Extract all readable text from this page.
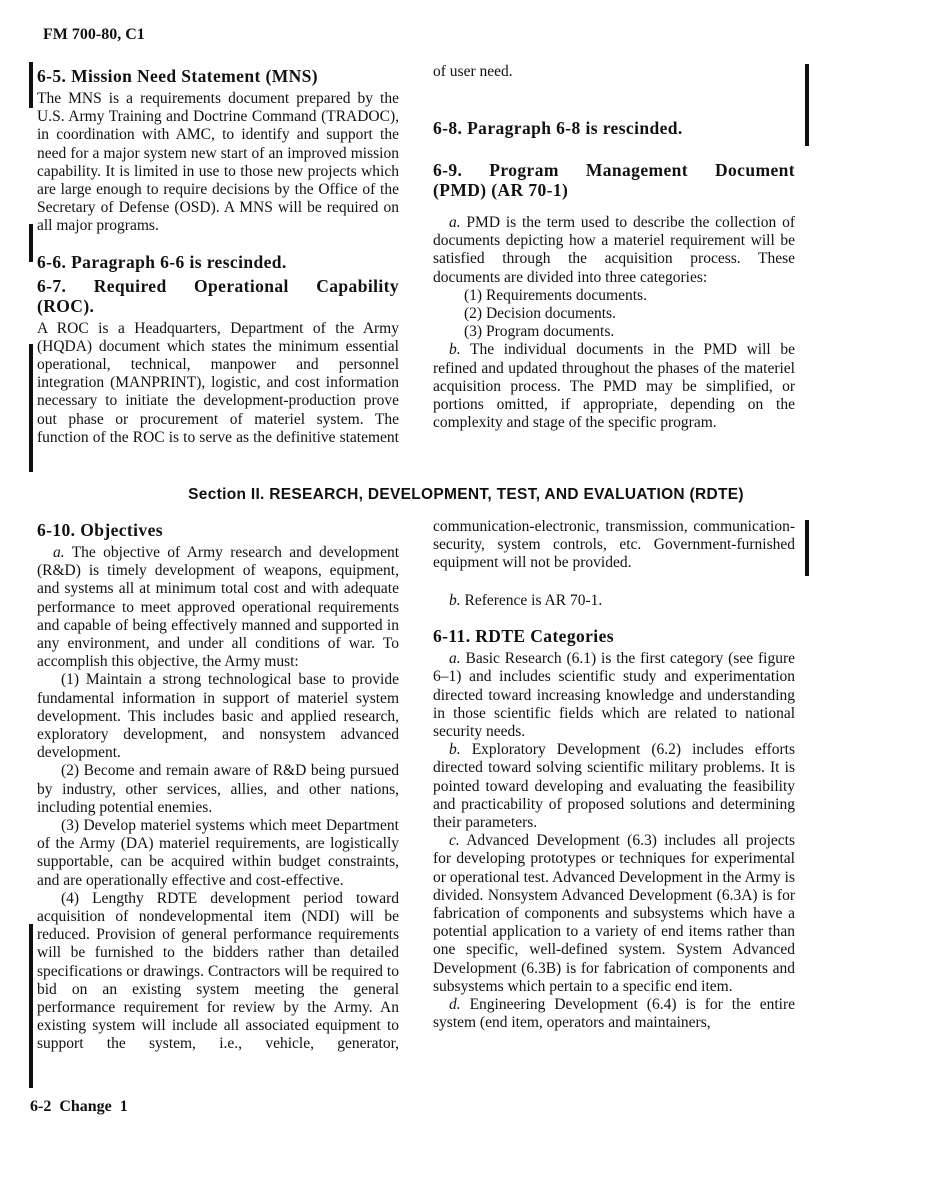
FM 700-80, C1
6-5. Mission Need Statement (MNS)

The MNS is a requirements document prepared by the U.S. Army Training and Doctrine Command (TRADOC), in coordination with AMC, to identify and support the need for a major system new start of an improved mission capability. It is limited in use to those new projects which are large enough to require decisions by the Office of the Secretary of Defense (OSD). A MNS will be required on all major programs.

6-6. Paragraph 6-6 is rescinded.
6-7. Required Operational Capability
(ROC).

A ROC is a Headquarters, Department of the Army (HQDA) document which states the minimum essential operational, technical, manpower and personnel integration (MANPRINT), logistic, and cost information necessary to initiate the development-production prove out phase or procurement of materiel system. The function of the ROC is to serve as the definitive statement

of user need.

6-8. Paragraph 6-8 is rescinded.
6-9. Program Management Document
(PMD) (AR 70-1)

a. PMD is the term used to describe the collection of documents depicting how a materiel requirement will be satisfied through the acquisition process. These documents are divided into three categories:

(1) Requirements documents.

(2) Decision documents.

(3) Program documents.

b. The individual documents in the PMD will be refined and updated throughout the phases of the materiel acquisition process. The PMD may be simplified, or portions omitted, if appropriate, depending on the complexity and stage of the specific program.

Section II. RESEARCH, DEVELOPMENT, TEST, AND EVALUATION (RDTE)
6-10. Objectives

a. The objective of Army research and development (R&D) is timely development of weapons, equipment, and systems all at minimum total cost and with adequate performance to meet approved operational requirements and capable of being effectively manned and supported in any environment, and under all conditions of war. To accomplish this objective, the Army must:

(1) Maintain a strong technological base to provide fundamental information in support of materiel system development. This includes basic and applied research, exploratory development, and nonsystem advanced development.

(2) Become and remain aware of R&D being pursued by industry, other services, allies, and other nations, including potential enemies.

(3) Develop materiel systems which meet Department of the Army (DA) materiel requirements, are logistically supportable, can be acquired within budget constraints, and are operationally effective and cost-effective.

(4) Lengthy RDTE development period toward acquisition of nondevelopmental item (NDI) will be reduced. Provision of general performance requirements will be furnished to the bidders rather than detailed specifications or drawings. Contractors will be required to bid on an existing system meeting the general performance requirement for review by the Army. An existing system will include all associated equipment to support the system, i.e., vehicle, generator,

communication-electronic, transmission, communication-security, system controls, etc. Government-furnished equipment will not be provided.

b. Reference is AR 70-1.

6-11. RDTE Categories

a. Basic Research (6.1) is the first category (see figure 6–1) and includes scientific study and experimentation directed toward increasing knowledge and understanding in those scientific fields which are related to national security needs.

b. Exploratory Development (6.2) includes efforts directed toward solving scientific military problems. It is pointed toward developing and evaluating the feasibility and practicability of proposed solutions and determining their parameters.

c. Advanced Development (6.3) includes all projects for developing prototypes or techniques for experimental or operational test. Advanced Development in the Army is divided. Nonsystem Advanced Development (6.3A) is for fabrication of components and subsystems which have a potential application to a variety of end items rather than one specific, well-defined system. System Advanced Development (6.3B) is for fabrication of components and subsystems which pertain to a specific end item.

d. Engineering Development (6.4) is for the entire system (end item, operators and maintainers,

6-2 Change 1
